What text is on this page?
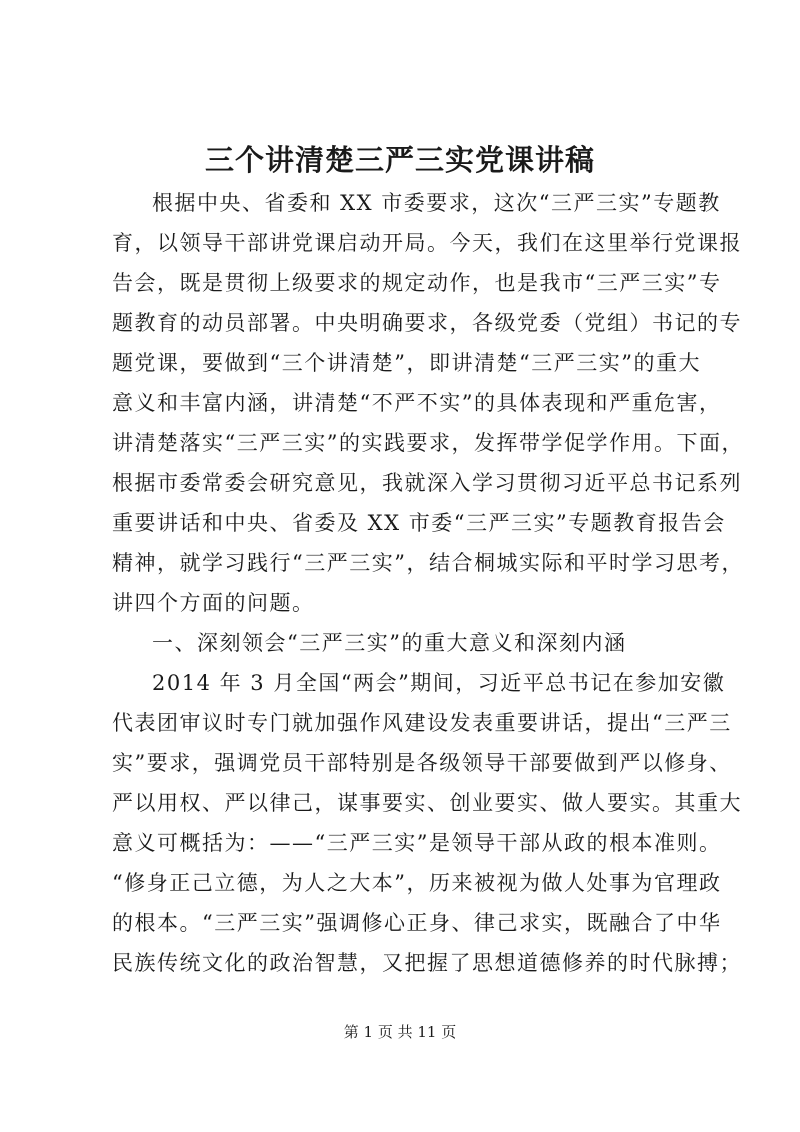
三个讲清楚三严三实党课讲稿
根据中央、省委和 XX 市委要求，这次“三严三实”专题教
育，以领导干部讲党课启动开局。今天，我们在这里举行党课报
告会，既是贯彻上级要求的规定动作，也是我市“三严三实”专
题教育的动员部署。中央明确要求，各级党委（党组）书记的专
题党课，要做到“三个讲清楚”，即讲清楚“三严三实”的重大
意义和丰富内涵，讲清楚“不严不实”的具体表现和严重危害，
讲清楚落实“三严三实”的实践要求，发挥带学促学作用。下面，
根据市委常委会研究意见，我就深入学习贯彻习近平总书记系列
重要讲话和中央、省委及 XX 市委“三严三实”专题教育报告会
精神，就学习践行“三严三实”，结合桐城实际和平时学习思考，
讲四个方面的问题。
一、深刻领会“三严三实”的重大意义和深刻内涵
2014 年 3 月全国“两会”期间，习近平总书记在参加安徽
代表团审议时专门就加强作风建设发表重要讲话，提出“三严三
实”要求，强调党员干部特别是各级领导干部要做到严以修身、
严以用权、严以律己，谋事要实、创业要实、做人要实。其重大
意义可概括为：——“三严三实”是领导干部从政的根本准则。
“修身正己立德，为人之大本”，历来被视为做人处事为官理政
的根本。“三严三实”强调修心正身、律己求实，既融合了中华
民族传统文化的政治智慧，又把握了思想道德修养的时代脉搏；
第 1 页 共 11 页
